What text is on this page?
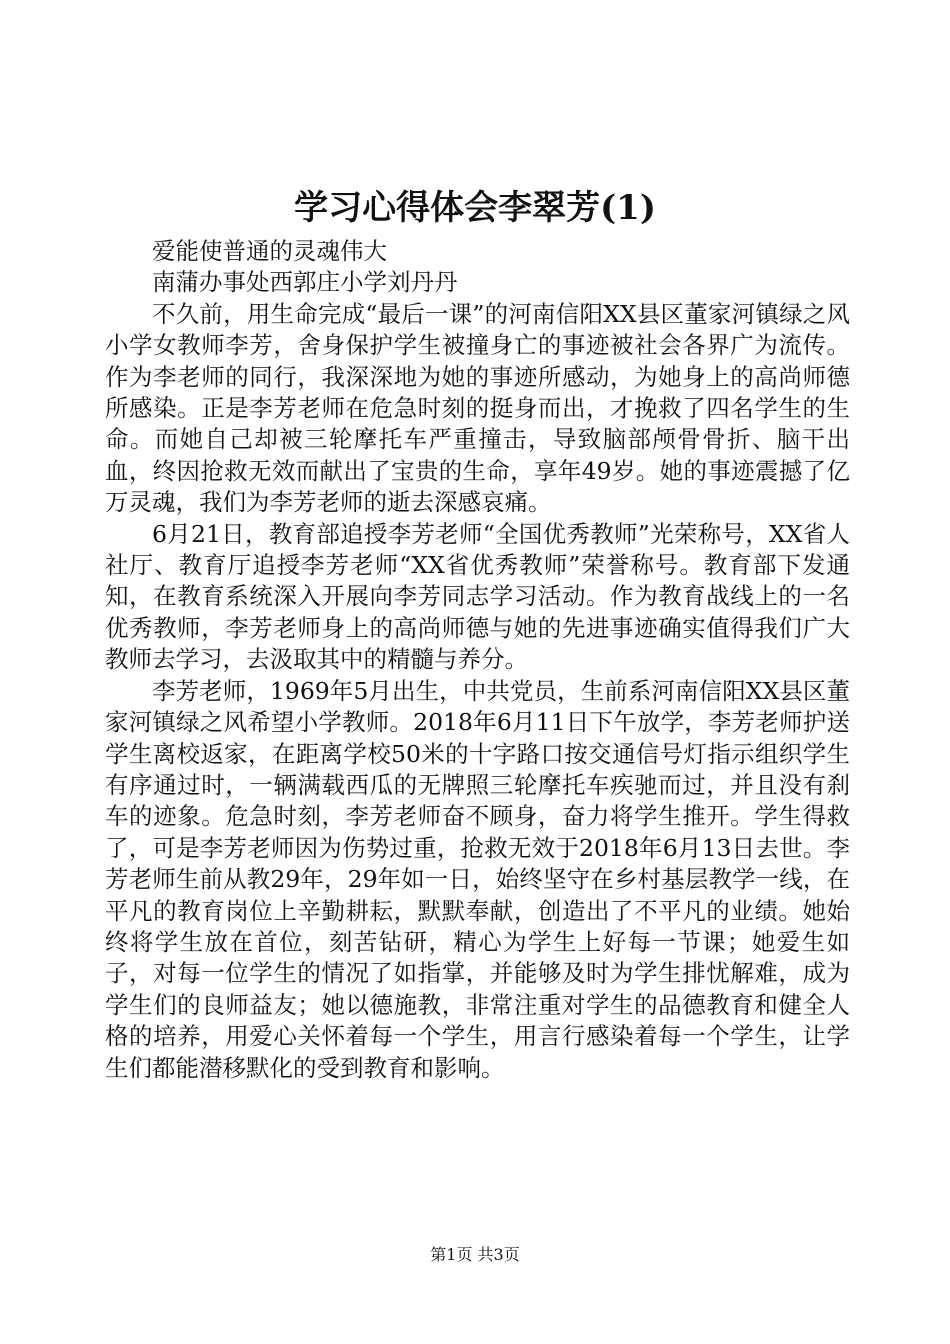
学习心得体会李翠芳(1)

爱能使普通的灵魂伟大

南蒲办事处西郭庄小学刘丹丹

不久前，用生命完成“最后一课”的河南信阳XX县区董家河镇绿之风小学女教师李芳，舍身保护学生被撞身亡的事迹被社会各界广为流传。作为李老师的同行，我深深地为她的事迹所感动，为她身上的高尚师德所感染。正是李芳老师在危急时刻的挺身而出，才挽救了四名学生的生命。而她自己却被三轮摩托车严重撞击，导致脑部颅骨骨折、脑干出血，终因抢救无效而献出了宝贵的生命，享年49岁。她的事迹震撼了亿万灵魂，我们为李芳老师的逝去深感哀痛。

6月21日，教育部追授李芳老师“全国优秀教师”光荣称号，XX省人社厅、教育厅追授李芳老师“XX省优秀教师”荣誉称号。教育部下发通知，在教育系统深入开展向李芳同志学习活动。作为教育战线上的一名优秀教师，李芳老师身上的高尚师德与她的先进事迹确实值得我们广大教师去学习，去汲取其中的精髓与养分。

李芳老师，1969年5月出生，中共党员，生前系河南信阳XX县区董家河镇绿之风希望小学教师。2018年6月11日下午放学，李芳老师护送学生离校返家，在距离学校50米的十字路口按交通信号灯指示组织学生有序通过时，一辆满载西瓜的无牌照三轮摩托车疾驰而过，并且没有刹车的迹象。危急时刻，李芳老师奋不顾身，奋力将学生推开。学生得救了，可是李芳老师因为伤势过重，抢救无效于2018年6月13日去世。李芳老师生前从教29年，29年如一日，始终坚守在乡村基层教学一线，在平凡的教育岗位上辛勤耕耘，默默奉献，创造出了不平凡的业绩。她始终将学生放在首位，刻苦钻研，精心为学生上好每一节课；她爱生如子，对每一位学生的情况了如指掌，并能够及时为学生排忧解难，成为学生们的良师益友；她以德施教，非常注重对学生的品德教育和健全人格的培养，用爱心关怀着每一个学生，用言行感染着每一个学生，让学生们都能潜移默化的受到教育和影响。

第1页 共3页
